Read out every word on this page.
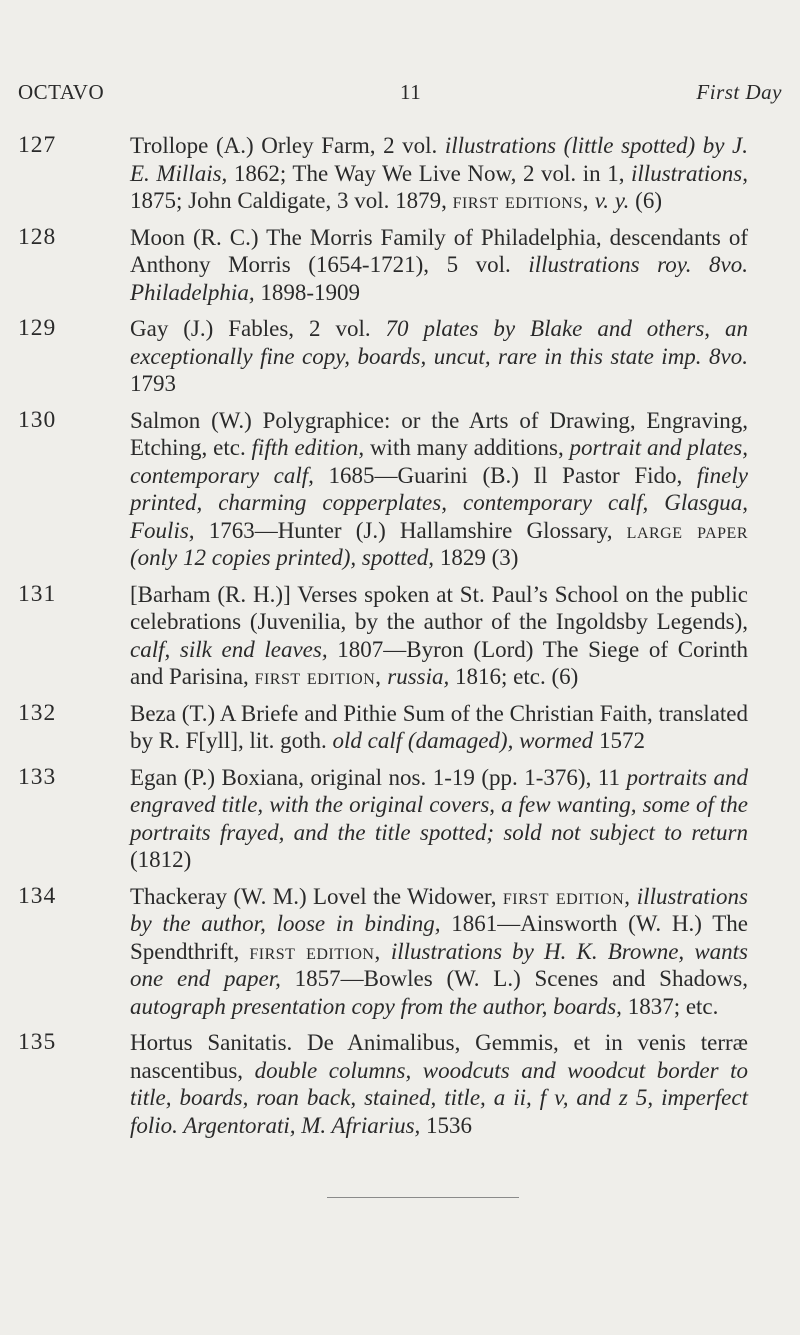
OCTAVO	11	First Day
127	Trollope (A.) Orley Farm, 2 vol. illustrations (little spotted) by J. E. Millais, 1862; The Way We Live Now, 2 vol. in 1, illustrations, 1875; John Caldigate, 3 vol. 1879, first editions, v. y. (6)
128	Moon (R. C.) The Morris Family of Philadelphia, descendants of Anthony Morris (1654-1721), 5 vol. illustrations roy. 8vo. Philadelphia, 1898-1909
129	Gay (J.) Fables, 2 vol. 70 plates by Blake and others, an exceptionally fine copy, boards, uncut, rare in this state imp. 8vo. 1793
130	Salmon (W.) Polygraphice: or the Arts of Drawing, Engraving, Etching, etc. fifth edition, with many additions, portrait and plates, contemporary calf, 1685—Guarini (B.) Il Pastor Fido, finely printed, charming copperplates, contemporary calf, Glasgua, Foulis, 1763—Hunter (J.) Hallamshire Glossary, large paper (only 12 copies printed), spotted, 1829 (3)
131	[Barham (R. H.)] Verses spoken at St. Paul’s School on the public celebrations (Juvenilia, by the author of the Ingoldsby Legends), calf, silk end leaves, 1807—Byron (Lord) The Siege of Corinth and Parisina, first edition, russia, 1816; etc. (6)
132	Beza (T.) A Briefe and Pithie Sum of the Christian Faith, translated by R. F[yll], lit. goth. old calf (damaged), wormed 1572
133	Egan (P.) Boxiana, original nos. 1-19 (pp. 1-376), 11 portraits and engraved title, with the original covers, a few wanting, some of the portraits frayed, and the title spotted; sold not subject to return (1812)
134	Thackeray (W. M.) Lovel the Widower, first edition, illustrations by the author, loose in binding, 1861—Ainsworth (W. H.) The Spendthrift, first edition, illustrations by H. K. Browne, wants one end paper, 1857—Bowles (W. L.) Scenes and Shadows, autograph presentation copy from the author, boards, 1837; etc.
135	Hortus Sanitatis. De Animalibus, Gemmis, et in venis terræ nascentibus, double columns, woodcuts and woodcut border to title, boards, roan back, stained, title, a ii, f v, and z 5, imperfect folio. Argentorati, M. Afriarius, 1536
